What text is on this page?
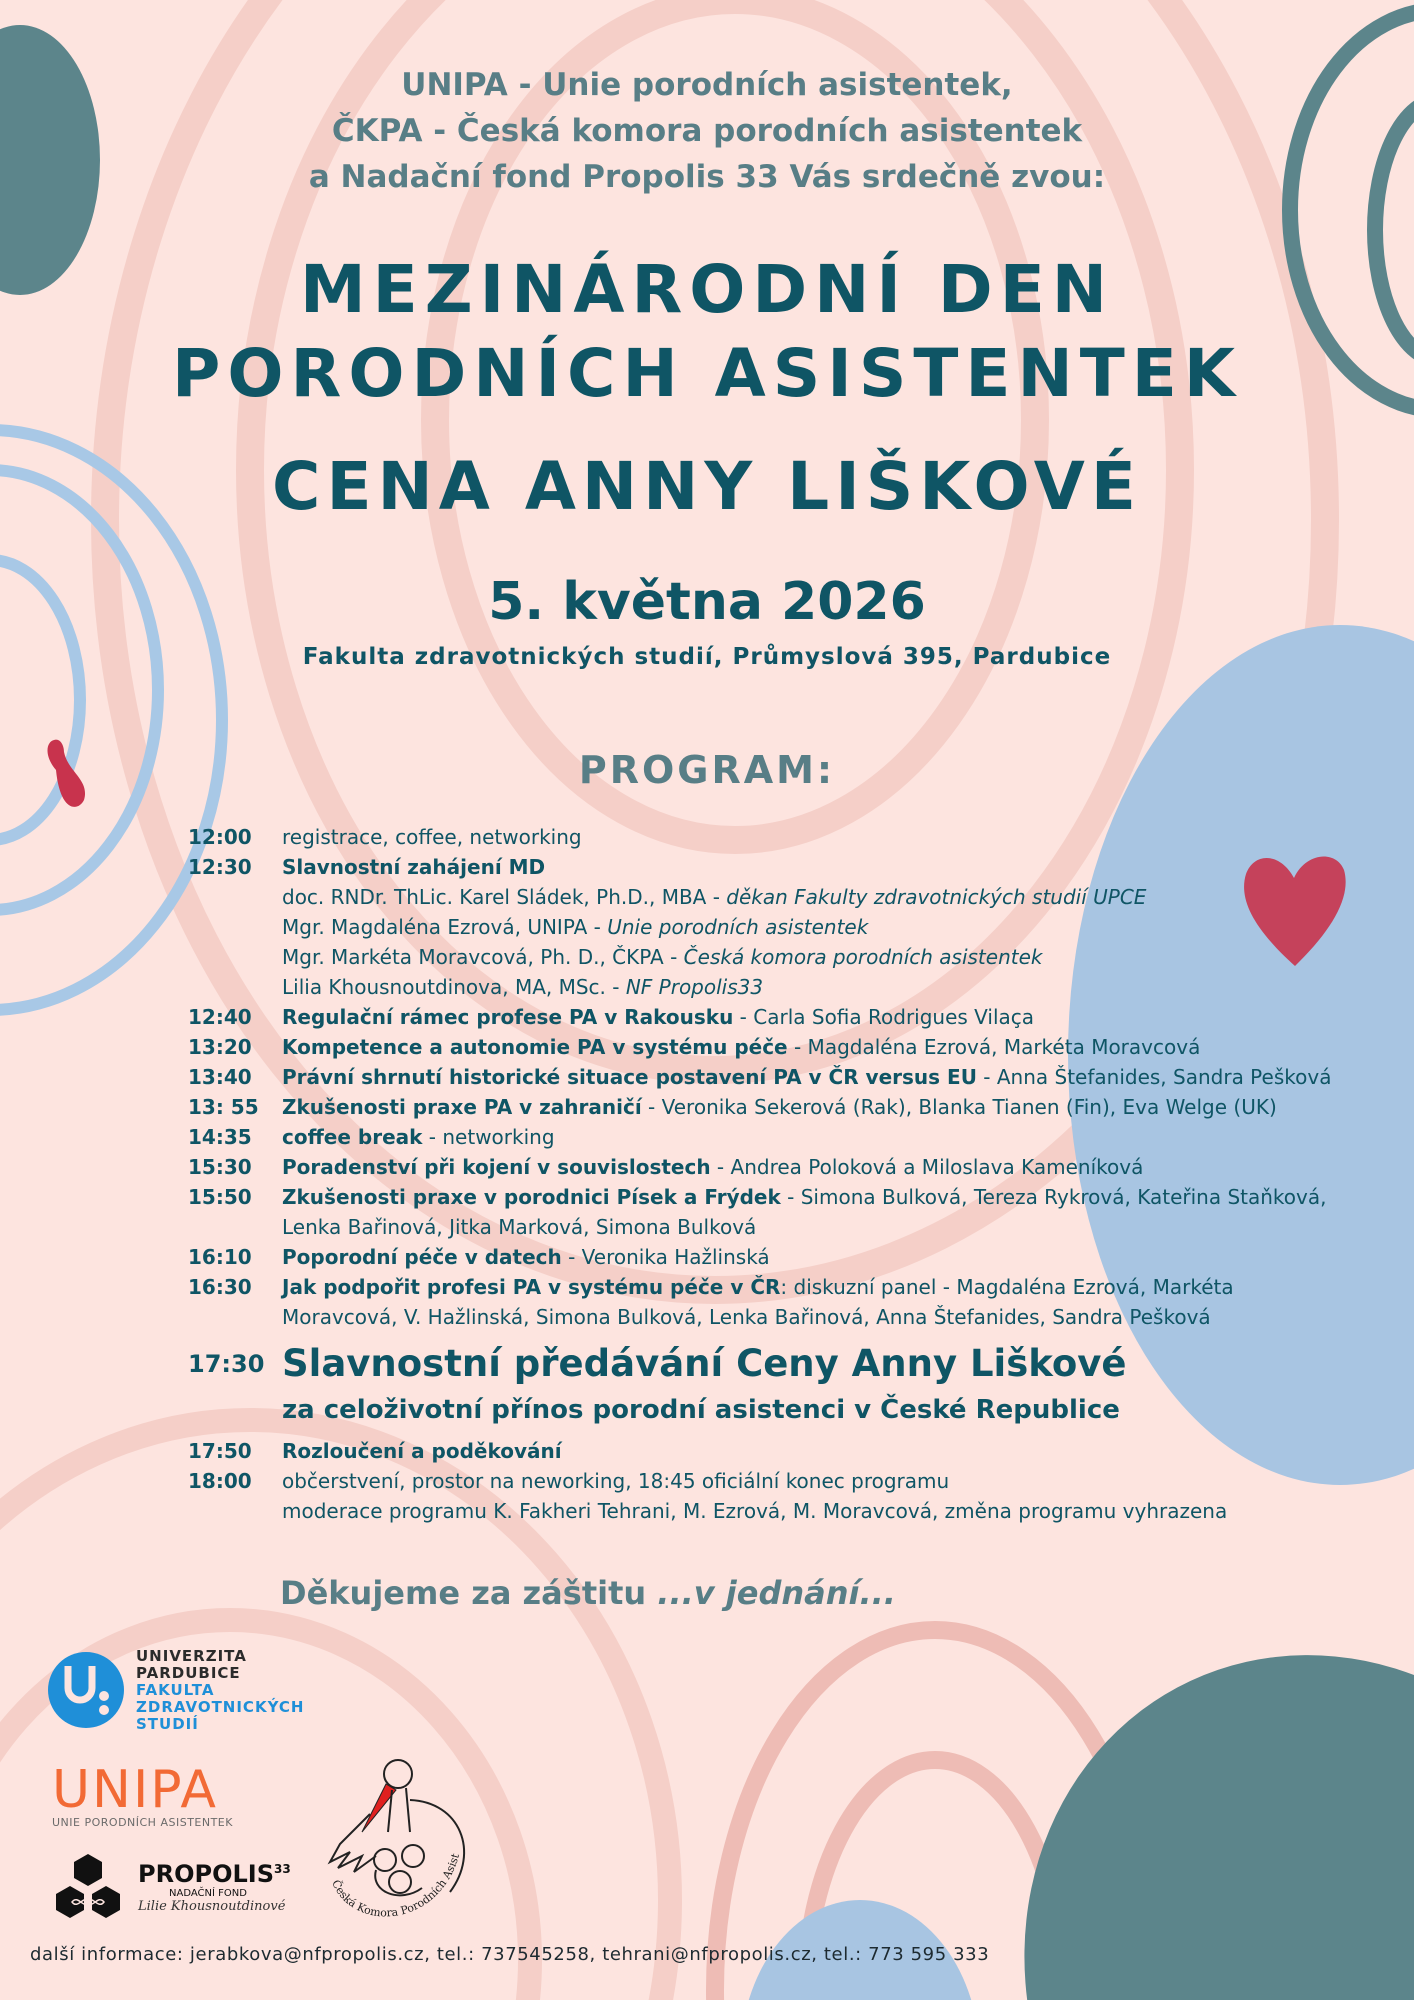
UNIPA - Unie porodních asistentek,
ČKPA - Česká komora porodních asistentek
a Nadační fond Propolis 33 Vás srdečně zvou:
MEZINÁRODNÍ DEN
PORODNÍCH ASISTENTEK
CENA ANNY LIŠKOVÉ
5. května 2026
Fakulta zdravotnických studií, Průmyslová 395, Pardubice
PROGRAM:
12:00	registrace, coffee, networking
12:30	Slavnostní zahájení MD
doc. RNDr. ThLic. Karel Sládek, Ph.D., MBA - děkan Fakulty zdravotnických studií UPCE
Mgr. Magdaléna Ezrová, UNIPA - Unie porodních asistentek
Mgr. Markéta Moravcová, Ph. D., ČKPA - Česká komora porodních asistentek
Lilia Khousnoutdinova, MA, MSc. - NF Propolis33
12:40	Regulační rámec profese PA v Rakousku - Carla Sofia Rodrigues Vilaça
13:20	Kompetence a autonomie PA v systému péče - Magdaléna Ezrová, Markéta Moravcová
13:40	Právní shrnutí historické situace postavení PA v ČR versus EU - Anna Štefanides, Sandra Pešková
13: 55	Zkušenosti praxe PA v zahraničí - Veronika Sekerová (Rak), Blanka Tianen (Fin), Eva Welge (UK)
14:35	coffee break - networking
15:30	Poradenství při kojení v souvislostech - Andrea Poloková a Miloslava Kameníková
15:50	Zkušenosti praxe v porodnici Písek a Frýdek - Simona Bulková, Tereza Rykrová, Kateřina Staňková, Lenka Bařinová, Jitka Marková, Simona Bulková
16:10	Poporodní péče v datech - Veronika Hažlinská
16:30	Jak podpořit profesi PA v systému péče v ČR: diskuzní panel - Magdaléna Ezrová, Markéta Moravcová, V. Hažlinská, Simona Bulková, Lenka Bařinová, Anna Štefanides, Sandra Pešková
17:30 Slavnostní předávání Ceny Anny Liškové
za celoživotní přínos porodní asistenci v České Republice
17:50	Rozloučení a poděkování
18:00	občerstvení, prostor na neworking, 18:45 oficiální konec programu
moderace programu K. Fakheri Tehrani, M. Ezrová, M. Moravcová, změna programu vyhrazena
Děkujeme za záštitu ...v jednání...
UNIVERZITA
PARDUBICE
FAKULTA
ZDRAVOTNICKÝCH
STUDIÍ
UNIPA
UNIE PORODNÍCH ASISTENTEK
PROPOLIS$^{33}$
NADAČNÍ FOND
Lilie Khousnoutdinové
Česká Komora Porodních Asist
další informace: jerabkova@nfpropolis.cz, tel.: 737545258, tehrani@nfpropolis.cz, tel.: 773 595 333
